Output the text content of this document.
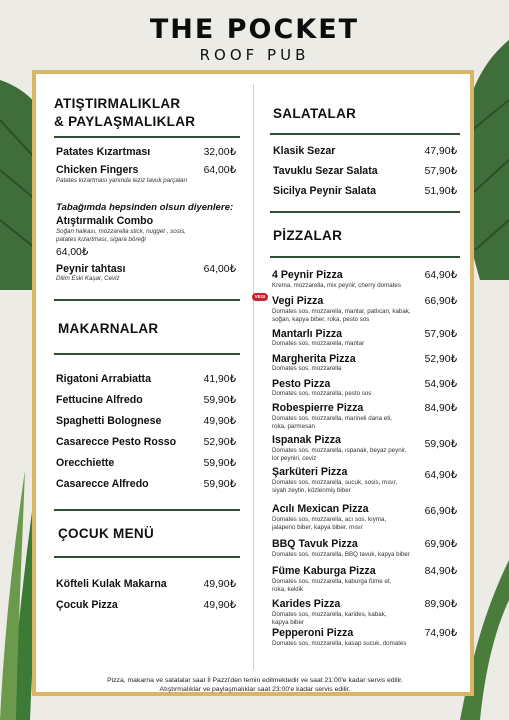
THE POCKET
ROOF PUB
ATIŞTIRMALIKLAR
& PAYLAŞMALIKLAR
Patates Kızartması	32,00₺
Chicken Fingers	64,00₺
Patates kızartması yanında leziz tavuk parçaları
Tabağımda hepsinden olsun diyenlere:
Atıştırmalık Combo
Soğan halkası, mozzarella stick, nugget , sosis,
patates kızartması, sigara böreği
64,00₺
Peynir tahtası	64,00₺
Dilim Eski Kaşar, Ceviz
MAKARNALAR
Rigatoni Arrabiatta	41,90₺
Fettucine Alfredo	59,90₺
Spaghetti Bolognese	49,90₺
Casarecce Pesto Rosso	52,90₺
Orecchiette	59,90₺
Casarecce Alfredo	59,90₺
ÇOCUK MENÜ
Köfteli Kulak Makarna	49,90₺
Çocuk Pizza	49,90₺
SALATALAR
Klasik Sezar	47,90₺
Tavuklu Sezar Salata	57,90₺
Sicilya Peynir Salata	51,90₺
PİZZALAR
VEGI
4 Peynir Pizza	64,90₺
Krema, mozzarella, mix peynir, cherry domates
Vegi Pizza	66,90₺
Domates sos, mozzarella, mantar, patlıcan, kabak,
soğan, kapya biber, roka, pesto sos
Mantarlı Pizza	57,90₺
Domates sos, mozzarella, mantar
Margherita Pizza	52,90₺
Domates sos, mozzarella
Pesto Pizza	54,90₺
Domates sos, mozzarella, pesto sos
Robespierre Pizza	84,90₺
Domates sos, mozzarella, marineli dana eti,
roka, parmesan
Ispanak Pizza	59,90₺
Domates sos, mozzarella, ıspanak, beyaz peynir,
lor peyniri, ceviz
Şarküteri Pizza	64,90₺
Domates sos, mozzarella, sucuk, sosis, mısır,
siyah zeytin, közlenmiş biber
Acılı Mexican Pizza	66,90₺
Domates sos, mozzarella, acı sos, kıyma,
jalapeno biber, kapya biber, mısır
BBQ Tavuk Pizza	69,90₺
Domates sos, mozzarella, BBQ tavuk, kapya biber
Füme Kaburga Pizza	84,90₺
Domates sos, mozzarella, kaburga füme et,
roka, keklik
Karides Pizza	89,90₺
Domates sos, mozzarella, karides, kabak,
kapya biber
Pepperoni Pizza	74,90₺
Domates sos, mozzarella, kasap sucuk, domates
Pizza, makarna ve salatalar saat İl Pazzi'den temin edilmektedir ve saat 21:00'e kadar servis edilir.
Atıştırmalıklar ve paylaşmalıklar saat 23:00'e kadar servis edilir.
